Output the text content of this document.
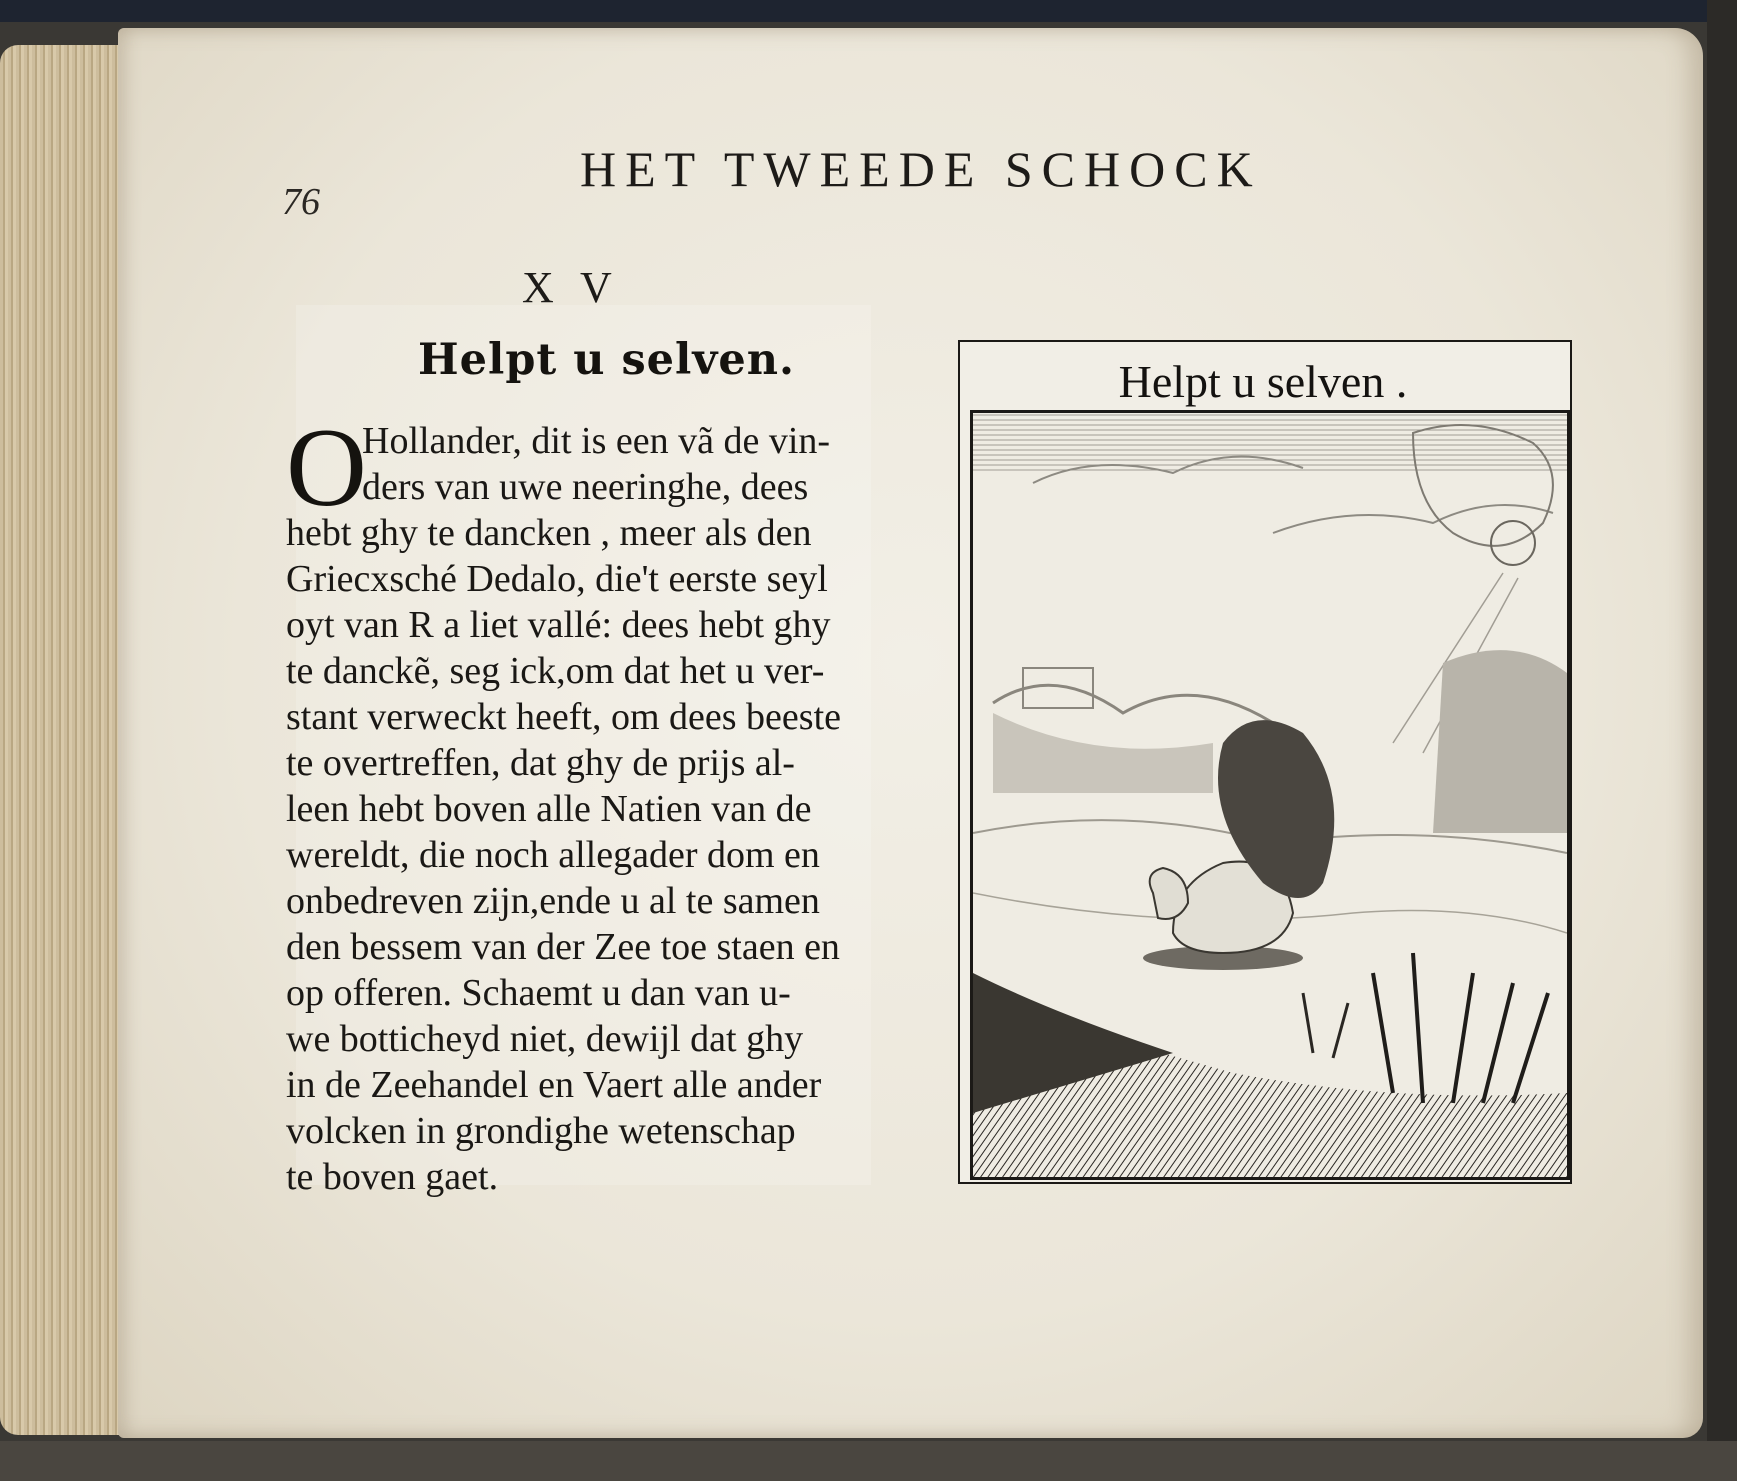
76
HET TWEEDE SCHOCK
X V
Helpt u selven.
O
Hollander, dit is een vã de vin-
ders van uwe neeringhe, dees
hebt ghy te dancken , meer als den
Griecxsché Dedalo, die't eerste seyl
oyt van R a liet vallé: dees hebt ghy
te danckẽ, seg ick,om dat het u ver-
stant verweckt heeft, om dees beeste
te overtreffen, dat ghy de prijs al-
leen hebt boven alle Natien van de
wereldt, die noch allegader dom en
onbedreven zijn,ende u al te samen
den bessem van der Zee toe staen en
op offeren. Schaemt u dan van u-
we botticheyd niet, dewijl dat ghy
in de Zeehandel en Vaert alle ander
volcken in grondighe wetenschap
te boven gaet.
Helpt u selven .
